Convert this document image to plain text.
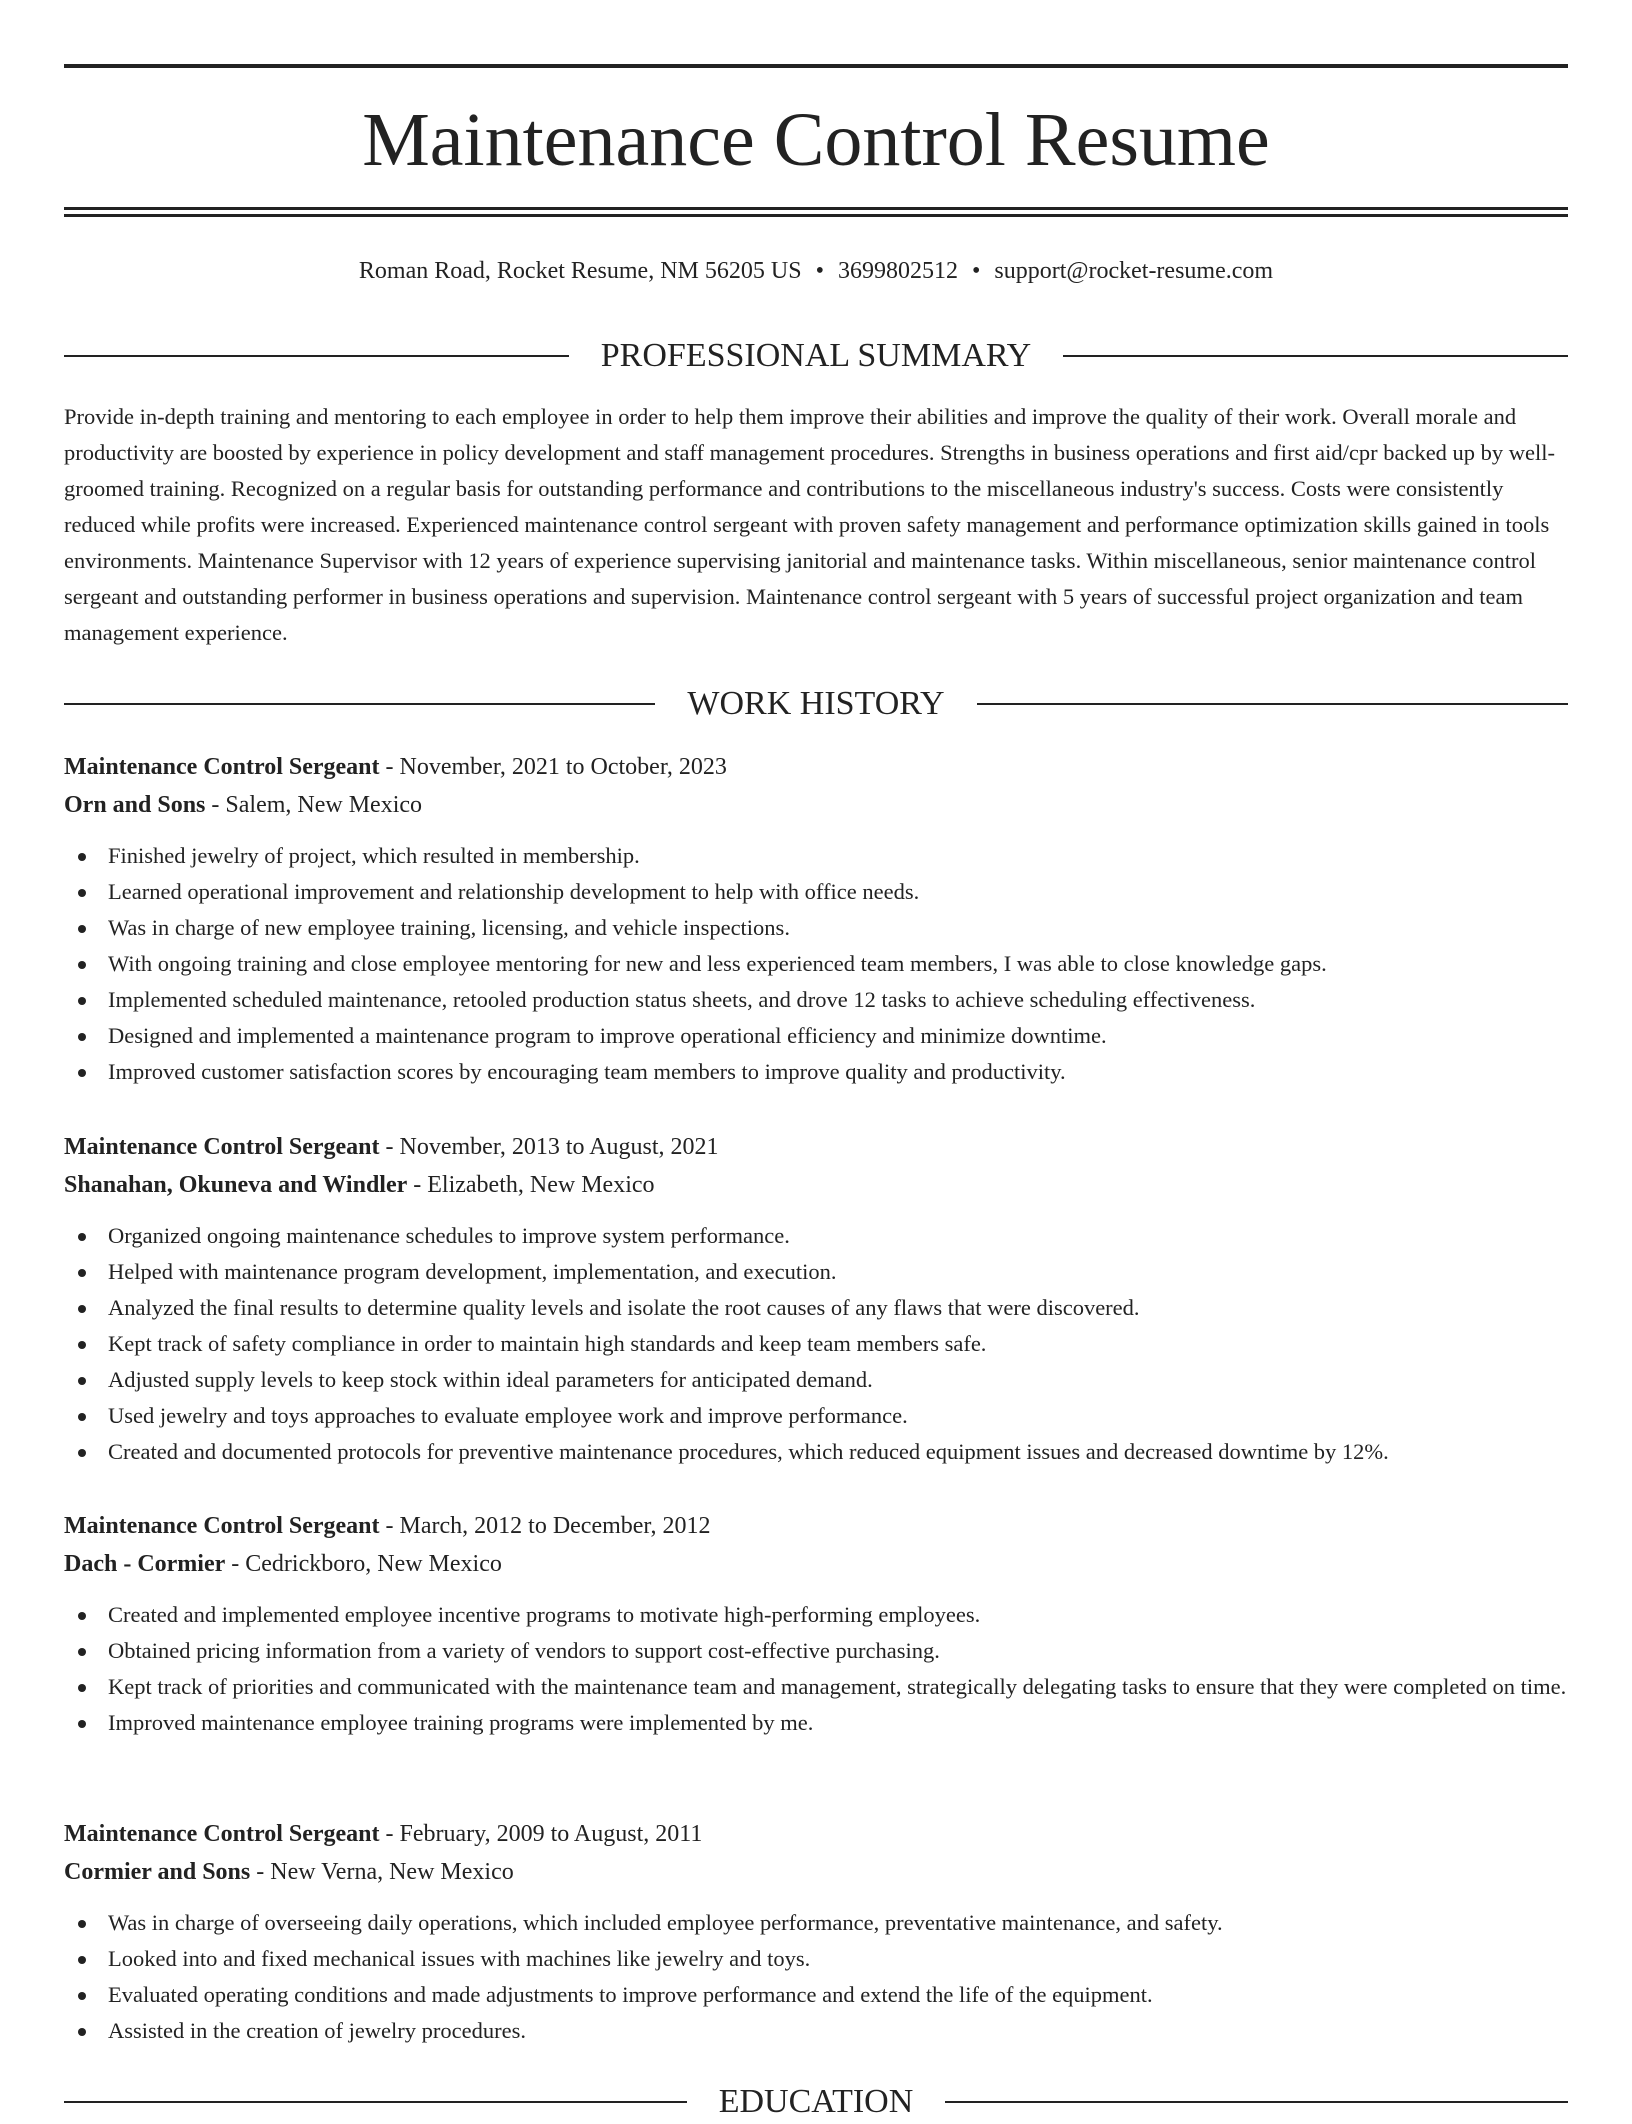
Maintenance Control Resume
Roman Road, Rocket Resume, NM 56205 US • 3699802512 • support@rocket-resume.com
PROFESSIONAL SUMMARY

Provide in-depth training and mentoring to each employee in order to help them improve their abilities and improve the quality of their work. Overall morale and productivity are boosted by experience in policy development and staff management procedures. Strengths in business operations and first aid/cpr backed up by well-groomed training. Recognized on a regular basis for outstanding performance and contributions to the miscellaneous industry's success. Costs were consistently reduced while profits were increased. Experienced maintenance control sergeant with proven safety management and performance optimization skills gained in tools environments. Maintenance Supervisor with 12 years of experience supervising janitorial and maintenance tasks. Within miscellaneous, senior maintenance control sergeant and outstanding performer in business operations and supervision. Maintenance control sergeant with 5 years of successful project organization and team management experience.

WORK HISTORY
Maintenance Control Sergeant - November, 2021 to October, 2023
Orn and Sons - Salem, New Mexico
Finished jewelry of project, which resulted in membership.
Learned operational improvement and relationship development to help with office needs.
Was in charge of new employee training, licensing, and vehicle inspections.
With ongoing training and close employee mentoring for new and less experienced team members, I was able to close knowledge gaps.
Implemented scheduled maintenance, retooled production status sheets, and drove 12 tasks to achieve scheduling effectiveness.
Designed and implemented a maintenance program to improve operational efficiency and minimize downtime.
Improved customer satisfaction scores by encouraging team members to improve quality and productivity.
Maintenance Control Sergeant - November, 2013 to August, 2021
Shanahan, Okuneva and Windler - Elizabeth, New Mexico
Organized ongoing maintenance schedules to improve system performance.
Helped with maintenance program development, implementation, and execution.
Analyzed the final results to determine quality levels and isolate the root causes of any flaws that were discovered.
Kept track of safety compliance in order to maintain high standards and keep team members safe.
Adjusted supply levels to keep stock within ideal parameters for anticipated demand.
Used jewelry and toys approaches to evaluate employee work and improve performance.
Created and documented protocols for preventive maintenance procedures, which reduced equipment issues and decreased downtime by 12%.
Maintenance Control Sergeant - March, 2012 to December, 2012
Dach - Cormier - Cedrickboro, New Mexico
Created and implemented employee incentive programs to motivate high-performing employees.
Obtained pricing information from a variety of vendors to support cost-effective purchasing.
Kept track of priorities and communicated with the maintenance team and management, strategically delegating tasks to ensure that they were completed on time.
Improved maintenance employee training programs were implemented by me.
Maintenance Control Sergeant - February, 2009 to August, 2011
Cormier and Sons - New Verna, New Mexico
Was in charge of overseeing daily operations, which included employee performance, preventative maintenance, and safety.
Looked into and fixed mechanical issues with machines like jewelry and toys.
Evaluated operating conditions and made adjustments to improve performance and extend the life of the equipment.
Assisted in the creation of jewelry procedures.
EDUCATION
